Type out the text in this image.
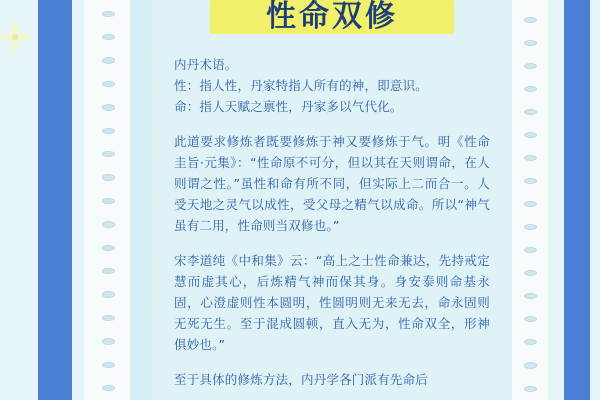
性命双修

内丹术语。

性：指人性，丹家特指人所有的神，即意识。

命：指人天赋之禀性，丹家多以气代化。

此道要求修炼者既要修炼于神又要修炼于气。明《性命圭旨·元集》：“性命原不可分，但以其在天则谓命，在人则谓之性。”虽性和命有所不同，但实际上二而合一。人受天地之灵气以成性，受父母之精气以成命。所以“神气虽有二用，性命则当双修也。”

宋李道纯《中和集》云：“高上之士性命兼达，先持戒定慧而虚其心，后炼精气神而保其身。身安泰则命基永固，心澄虚则性本圆明，性圆明则无来无去，命永固则无死无生。至于混成圆顿，直入无为，性命双全，形神俱妙也。”

至于具体的修炼方法，内丹学各门派有先命后
